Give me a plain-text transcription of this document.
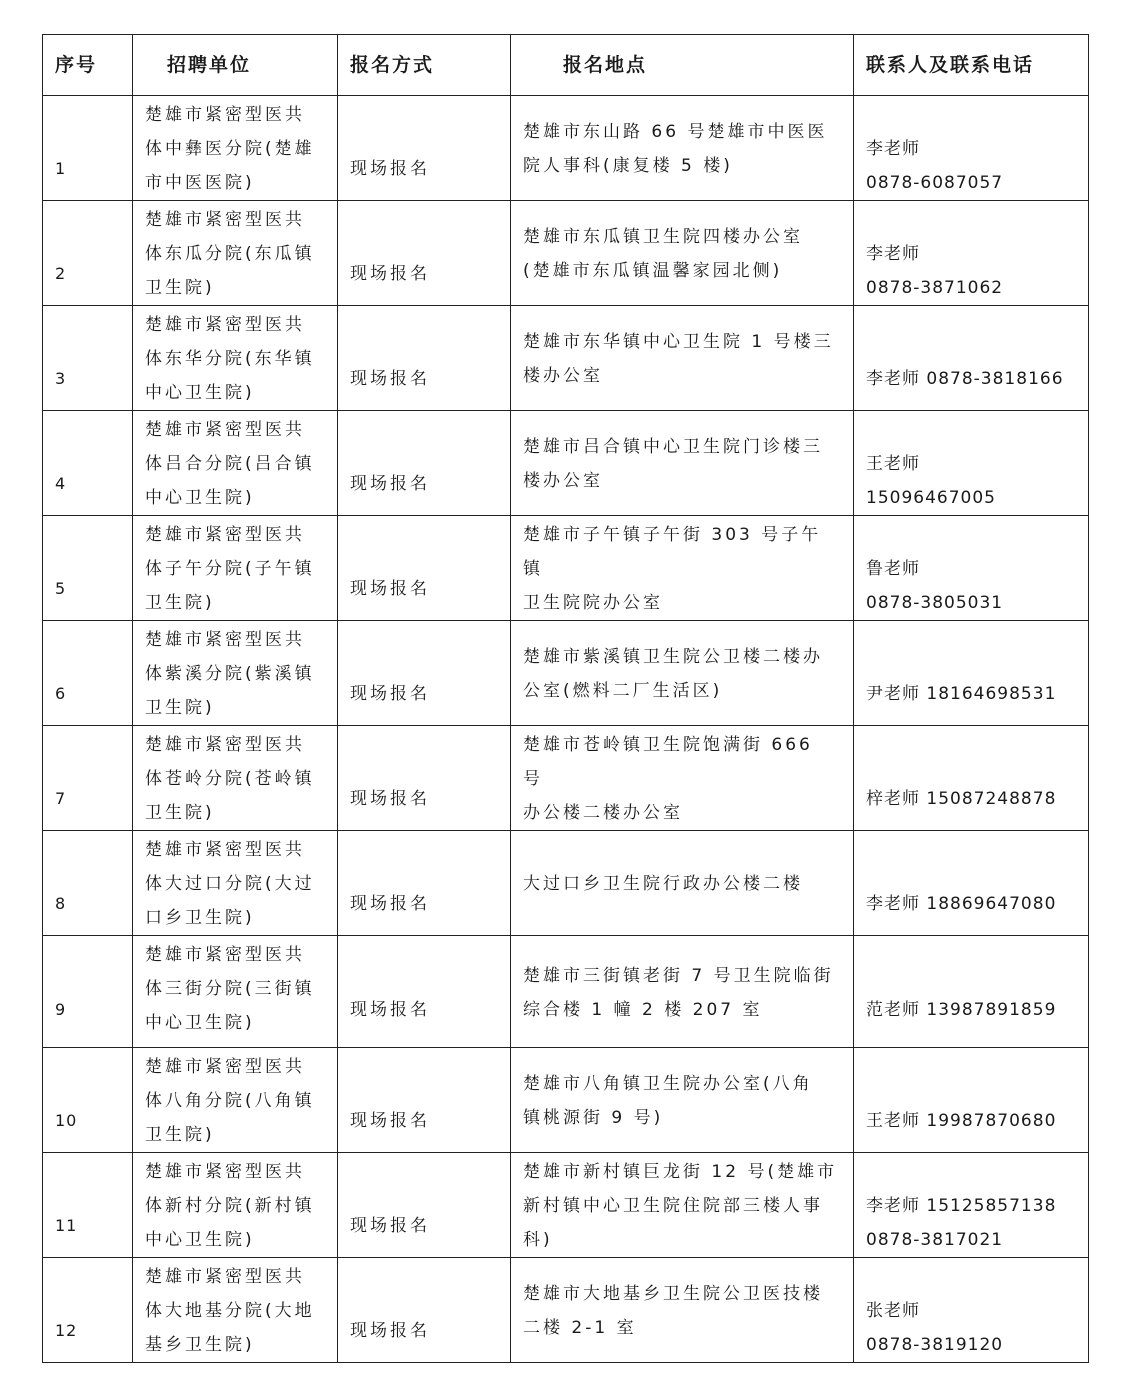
序号	招聘单位	报名方式	报名地点	联系人及联系电话
1	楚雄市紧密型医共
体中彝医分院(楚雄
市中医医院)	现场报名	楚雄市东山路 66 号楚雄市中医医
院人事科(康复楼 5 楼)	李老师
0878-6087057

2	楚雄市紧密型医共
体东瓜分院(东瓜镇
卫生院)	现场报名	楚雄市东瓜镇卫生院四楼办公室
(楚雄市东瓜镇温馨家园北侧)	李老师
0878-3871062

3	楚雄市紧密型医共
体东华分院(东华镇
中心卫生院)	现场报名	楚雄市东华镇中心卫生院 1 号楼三
楼办公室	李老师 0878-3818166

4	楚雄市紧密型医共
体吕合分院(吕合镇
中心卫生院)	现场报名	楚雄市吕合镇中心卫生院门诊楼三
楼办公室	王老师
15096467005

5	楚雄市紧密型医共
体子午分院(子午镇
卫生院)	现场报名	楚雄市子午镇子午街 303 号子午镇
卫生院院办公室	鲁老师
0878-3805031

6	楚雄市紧密型医共
体紫溪分院(紫溪镇
卫生院)	现场报名	楚雄市紫溪镇卫生院公卫楼二楼办
公室(燃料二厂生活区)	尹老师 18164698531

7	楚雄市紧密型医共
体苍岭分院(苍岭镇
卫生院)	现场报名	楚雄市苍岭镇卫生院饱满街 666 号
办公楼二楼办公室	梓老师 15087248878

8	楚雄市紧密型医共
体大过口分院(大过
口乡卫生院)	现场报名	大过口乡卫生院行政办公楼二楼	李老师 18869647080

9	楚雄市紧密型医共
体三街分院(三街镇
中心卫生院)	现场报名	楚雄市三街镇老街 7 号卫生院临街
综合楼 1 幢 2 楼 207 室	范老师 13987891859

10	楚雄市紧密型医共
体八角分院(八角镇
卫生院)	现场报名	楚雄市八角镇卫生院办公室(八角
镇桃源街 9 号)	王老师 19987870680

11	楚雄市紧密型医共
体新村分院(新村镇
中心卫生院)	现场报名	楚雄市新村镇巨龙街 12 号(楚雄市
新村镇中心卫生院住院部三楼人事
科)	李老师 15125857138
0878-3817021

12	楚雄市紧密型医共
体大地基分院(大地
基乡卫生院)	现场报名	楚雄市大地基乡卫生院公卫医技楼
二楼 2-1 室	张老师
0878-3819120
